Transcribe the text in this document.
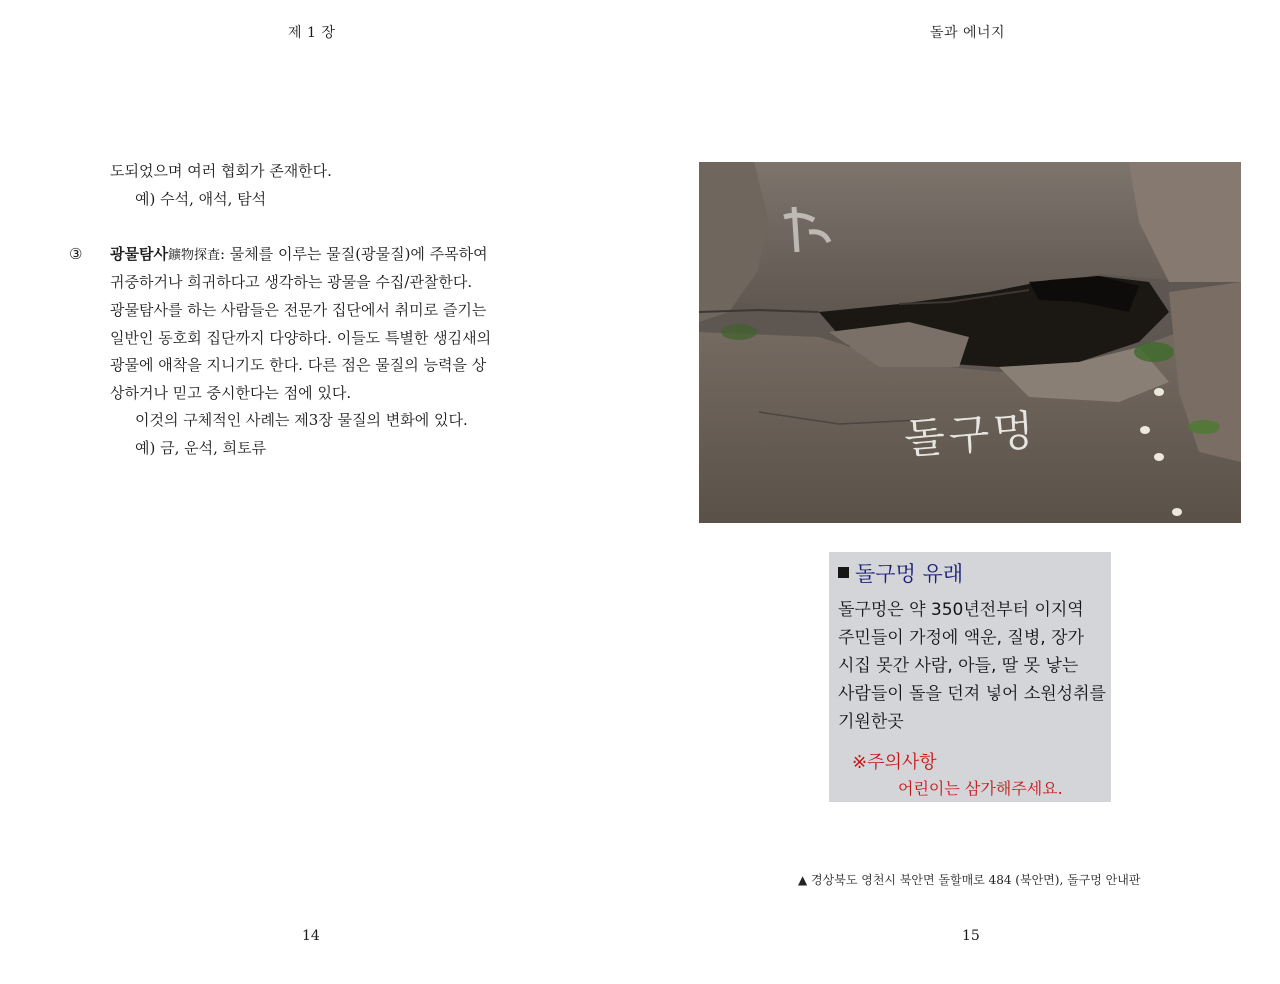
제 1 장

도되었으며 여러 협회가 존재한다.

예) 수석, 애석, 탐석

③ 광물탐사鑛物探査: 물체를 이루는 물질(광물질)에 주목하여

귀중하거나 희귀하다고 생각하는 광물을 수집/관찰한다.

광물탐사를 하는 사람들은 전문가 집단에서 취미로 즐기는

일반인 동호회 집단까지 다양하다. 이들도 특별한 생김새의

광물에 애착을 지니기도 한다. 다른 점은 물질의 능력을 상

상하거나 믿고 중시한다는 점에 있다.

이것의 구체적인 사례는 제3장 물질의 변화에 있다.

예) 금, 운석, 희토류

14
돌과 에너지
돌구멍
돌구멍 유래
돌구멍은 약 350년전부터 이지역
주민들이 가정에 액운, 질병, 장가
시집 못간 사람, 아들, 딸 못 낳는
사람들이 돌을 던져 넣어 소원성취를
기원한곳
※주의사항
어린이는 삼가해주세요.
▲ 경상북도 영천시 북안면 돌할매로 484 (북안면), 돌구멍 안내판
15
